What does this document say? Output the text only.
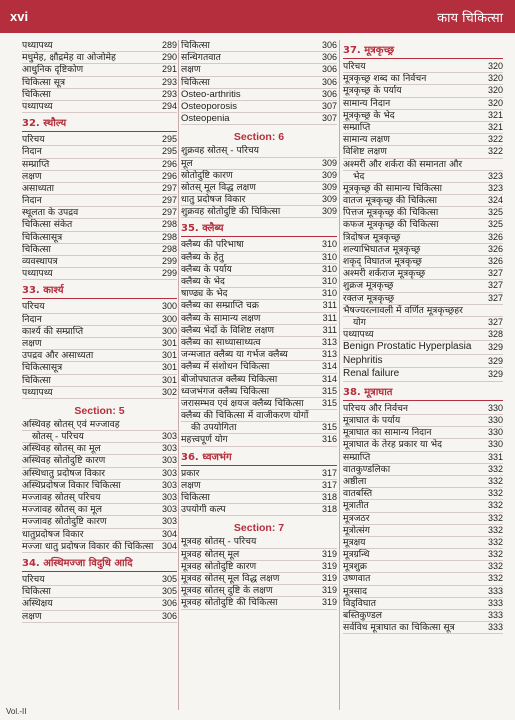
xvi	काय चिकित्सा
पथ्यापथ्य	289
मधुमेह, क्षौद्रमेह वा ओजोमेह	290
आधुनिक दृष्टिकोण	291
चिकित्सा सूत्र	293
चिकित्सा	293
पथ्यापथ्य	294
32. स्थौल्य
परिचय	295
निदान	295
सम्प्राप्ति	296
लक्षण	296
असाध्यता	297
निदान	297
स्थूलता के उपद्रव	297
चिकित्सा संकेत	298
चिकित्सासूत्र	298
चिकित्सा	298
व्यवस्थापत्र	299
पथ्यापथ्य	299
33. कार्श्य
परिचय	300
निदान	300
कार्श्य की सम्प्राप्ति	300
लक्षण	301
उपद्रव और असाध्यता	301
चिकित्सासूत्र	301
चिकित्सा	301
पथ्यापथ्य	302
Section: 5
अस्थिवह स्रोतस् एवं मज्जावह
स्रोतस् - परिचय	303
अस्थिवह स्रोतस् का मूल	303
अस्थिवह स्रोतोदुष्टि कारण	303
अस्थिधातु प्रदोषज विकार	303
अस्थिप्रदोषज विकार चिकित्सा	303
मज्जावह स्रोतस् परिचय	303
मज्जावह स्रोतस् का मूल	303
मज्जावह स्रोतोदुष्टि कारण	303
धातुप्रदोषज विकार	304
मज्जा धातु प्रदोषज विकार की चिकित्सा 304
34. अस्थिमज्जा विदुधि आदि
परिचय	305
चिकित्सा	305
अस्थिक्षय	306
लक्षण	306
चिकित्सा	306
सन्धिगतवात	306
लक्षण	306
चिकित्सा	306
Osteo-arthritis	306
Osteoporosis	307
Osteopenia	307
Section: 6
शुक्रवह स्रोतस् - परिचय
मूल	309
स्रोतोदुष्टि कारण	309
स्रोतस् मूल विद्ध लक्षण	309
धातु प्रदोषज विकार	309
शुक्रवह स्रोतोदुष्टि की चिकित्सा	309
35. क्लैब्य
क्लैब्य की परिभाषा	310
क्लैब्य के हेतु	310
क्लैब्य के पर्याय	310
क्लैब्य के भेद	310
षाण्ढ्य के भेद	310
क्लैब्य का सम्प्राप्ति चक्र	311
क्लैब्य के सामान्य लक्षण	311
क्लैब्य भेदों के विशिष्ट लक्षण	311
क्लैब्य का साध्यासाध्यत्व	313
जन्मजात क्लैब्य या गर्भज क्लैब्य	313
क्लैब्य में संशोधन चिकित्सा	314
बीजोपघातज क्लैब्य चिकित्सा	314
ध्वजभंगज क्लैब्य चिकित्सा	315
जरासम्भव एवं क्षयज क्लैब्य चिकित्सा 315
क्लैब्य की चिकित्सा में वाजीकरण योगों
की उपयोगिता	315
महत्त्वपूर्ण योग	316
36. ध्वजभंग
प्रकार	317
लक्षण	317
चिकित्सा	318
उपयोगी कल्प	318
Section: 7
मूत्रवह स्रोतस् - परिचय
मूत्रवह स्रोतस् मूल	319
मूत्रवह स्रोतोदुष्टि कारण	319
मूत्रवह स्रोतस् मूल विद्ध लक्षण	319
मूत्रवह स्रोतस् दुष्टि के लक्षण	319
मूत्रवह स्रोतोदुष्टि की चिकित्सा	319
37. मूत्रकृच्छ्र
परिचय	320
मूत्रकृच्छ्र शब्द का निर्वचन	320
मूत्रकृच्छ्र के पर्याय	320
सामान्य निदान	320
मूत्रकृच्छ्र के भेद	321
सम्प्राप्ति	321
सामान्य लक्षण	322
विशिष्ट लक्षण	322
अश्मरी और शर्करा की समानता और
भेद	323
मूत्रकृच्छ्र की सामान्य चिकित्सा	323
वातज मूत्रकृच्छ्र की चिकित्सा	324
पित्तज मूत्रकृच्छ्र की चिकित्सा	325
कफज मूत्रकृच्छ्र की चिकित्सा	325
त्रिदोषज मूत्रकृच्छ्र	326
शल्याभिघातज मूत्रकृच्छ्र	326
शकृद् विघातज मूत्रकृच्छ्र	326
अश्मरी शर्कराज मूत्रकृच्छ्र	327
शुक्रज मूत्रकृच्छ्र	327
रक्तज मूत्रकृच्छ्र	327
भैषज्यरत्नावली में वर्णित मूत्रकृच्छ्रहर
योग	327
पथ्यापथ्य	328
Benign Prostatic Hyperplasia 329
Nephritis	329
Renal failure	329
38. मूत्राघात
परिचय और निर्वचन	330
मूत्राघात के पर्याय	330
मूत्राघात का सामान्य निदान	330
मूत्राघात के तेरह प्रकार या भेद	330
सम्प्राप्ति	331
वातकुण्डलिका	332
अष्ठीला	332
वातबस्ति	332
मूत्रातीत	332
मूत्रजठर	332
मूत्रोत्संग	332
मूत्रक्षय	332
मूत्रग्रन्थि	332
मूत्रशुक्र	332
उष्णवात	332
मूत्रसाद	333
विड्विघात	333
बस्तिकुण्डल	333
सर्वविध मूत्राघात का चिकित्सा सूत्र	333
Vol.-II
